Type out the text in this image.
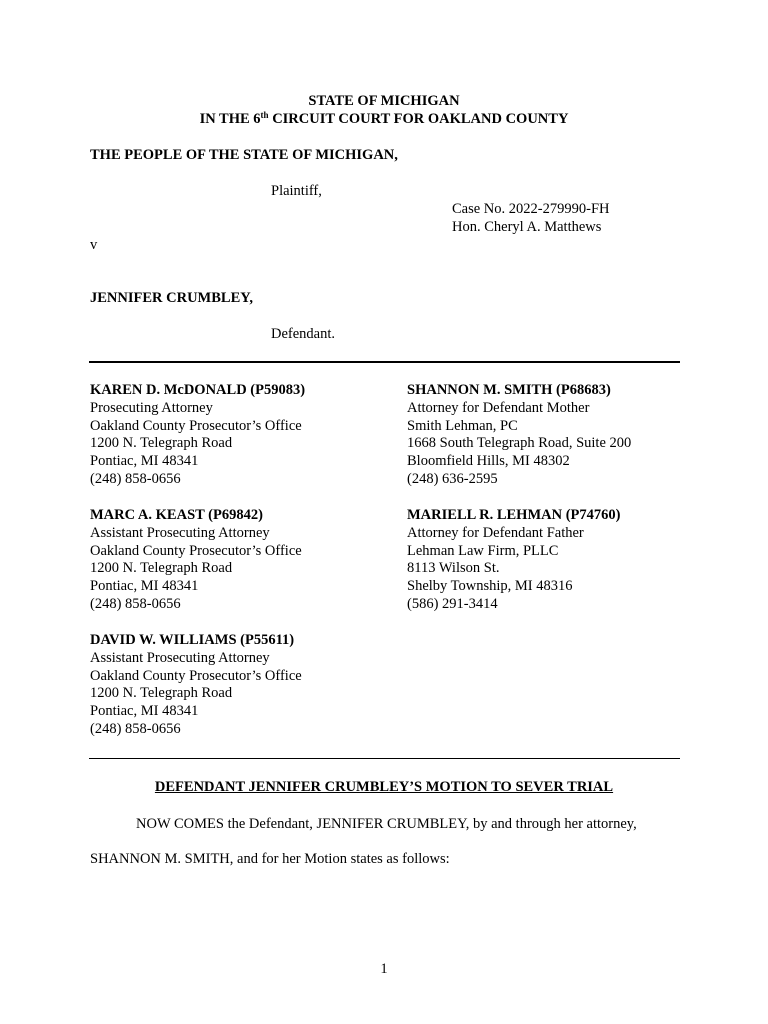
STATE OF MICHIGAN
IN THE 6th CIRCUIT COURT FOR OAKLAND COUNTY
THE PEOPLE OF THE STATE OF MICHIGAN,
Plaintiff,
Case No. 2022-279990-FH
Hon. Cheryl A. Matthews
v
JENNIFER CRUMBLEY,
Defendant.
KAREN D. McDONALD (P59083)
Prosecuting Attorney
Oakland County Prosecutor’s Office
1200 N. Telegraph Road
Pontiac, MI 48341
(248) 858-0656
MARC A. KEAST (P69842)
Assistant Prosecuting Attorney
Oakland County Prosecutor’s Office
1200 N. Telegraph Road
Pontiac, MI 48341
(248) 858-0656
DAVID W. WILLIAMS (P55611)
Assistant Prosecuting Attorney
Oakland County Prosecutor’s Office
1200 N. Telegraph Road
Pontiac, MI 48341
(248) 858-0656
SHANNON M. SMITH (P68683)
Attorney for Defendant Mother
Smith Lehman, PC
1668 South Telegraph Road, Suite 200
Bloomfield Hills, MI 48302
(248) 636-2595
MARIELL R. LEHMAN (P74760)
Attorney for Defendant Father
Lehman Law Firm, PLLC
8113 Wilson St.
Shelby Township, MI 48316
(586) 291-3414
DEFENDANT JENNIFER CRUMBLEY’S MOTION TO SEVER TRIAL
NOW COMES the Defendant, JENNIFER CRUMBLEY, by and through her attorney,
SHANNON M. SMITH, and for her Motion states as follows:
1
